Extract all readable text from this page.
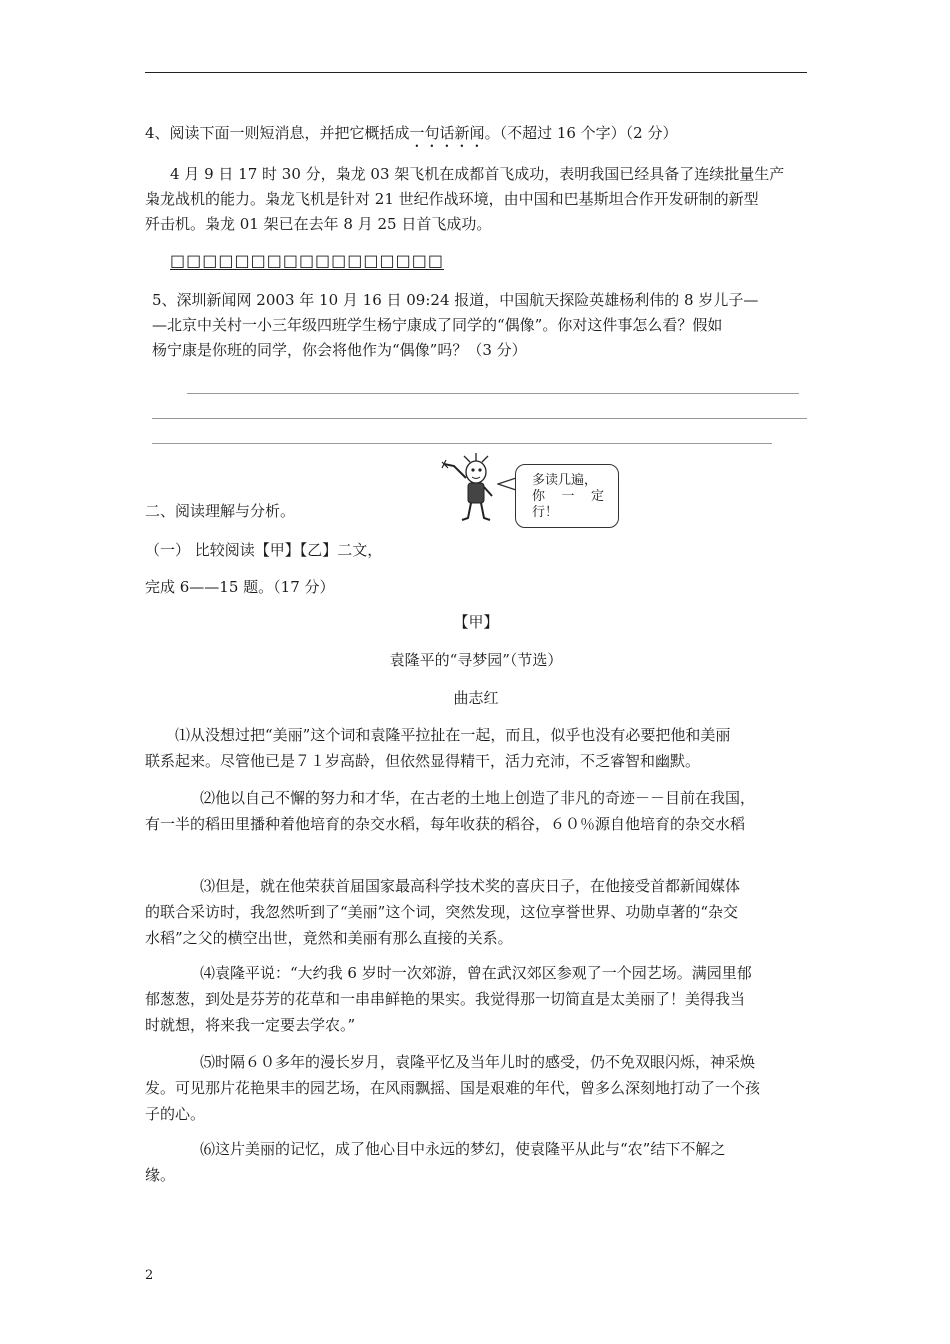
4、阅读下面一则短消息，并把它概括成一句话新闻。（不超过 16 个字）（2 分）
4 月 9 日 17 时 30 分，枭龙 03 架飞机在成都首飞成功，表明我国已经具备了连续批量生产
枭龙战机的能力。枭龙飞机是针对 21 世纪作战环境，由中国和巴基斯坦合作开发研制的新型
歼击机。枭龙 01 架已在去年 8 月 25 日首飞成功。
□□□□□□□□□□□□□□□□□
5、深圳新闻网 2003 年 10 月 16 日 09:24 报道，中国航天探险英雄杨利伟的 8 岁儿子—
—北京中关村一小三年级四班学生杨宁康成了同学的“偶像”。你对这件事怎么看？假如
杨宁康是你班的同学，你会将他作为“偶像”吗？（3 分）
多读几遍，
你 一 定
行！
二、阅读理解与分析。
（一） 比较阅读【甲】【乙】二文，
完成 6——15 题。（17 分）
【甲】
袁隆平的“寻梦园”（节选）
曲志红
⑴从没想过把“美丽”这个词和袁隆平拉扯在一起，而且，似乎也没有必要把他和美丽
联系起来。尽管他已是７１岁高龄，但依然显得精干，活力充沛，不乏睿智和幽默。
⑵他以自己不懈的努力和才华，在古老的土地上创造了非凡的奇迹－－目前在我国，
有一半的稻田里播种着他培育的杂交水稻，每年收获的稻谷，６０％源自他培育的杂交水稻
⑶但是，就在他荣获首届国家最高科学技术奖的喜庆日子，在他接受首都新闻媒体
的联合采访时，我忽然听到了“美丽”这个词，突然发现，这位享誉世界、功勋卓著的“杂交
水稻”之父的横空出世，竟然和美丽有那么直接的关系。
⑷袁隆平说：“大约我 6 岁时一次郊游，曾在武汉郊区参观了一个园艺场。满园里郁
郁葱葱，到处是芬芳的花草和一串串鲜艳的果实。我觉得那一切简直是太美丽了！美得我当
时就想，将来我一定要去学农。”
⑸时隔６０多年的漫长岁月，袁隆平忆及当年儿时的感受，仍不免双眼闪烁，神采焕
发。可见那片花艳果丰的园艺场，在风雨飘摇、国是艰难的年代，曾多么深刻地打动了一个孩
子的心。
⑹这片美丽的记忆，成了他心目中永远的梦幻，使袁隆平从此与“农”结下不解之
缘。
2
